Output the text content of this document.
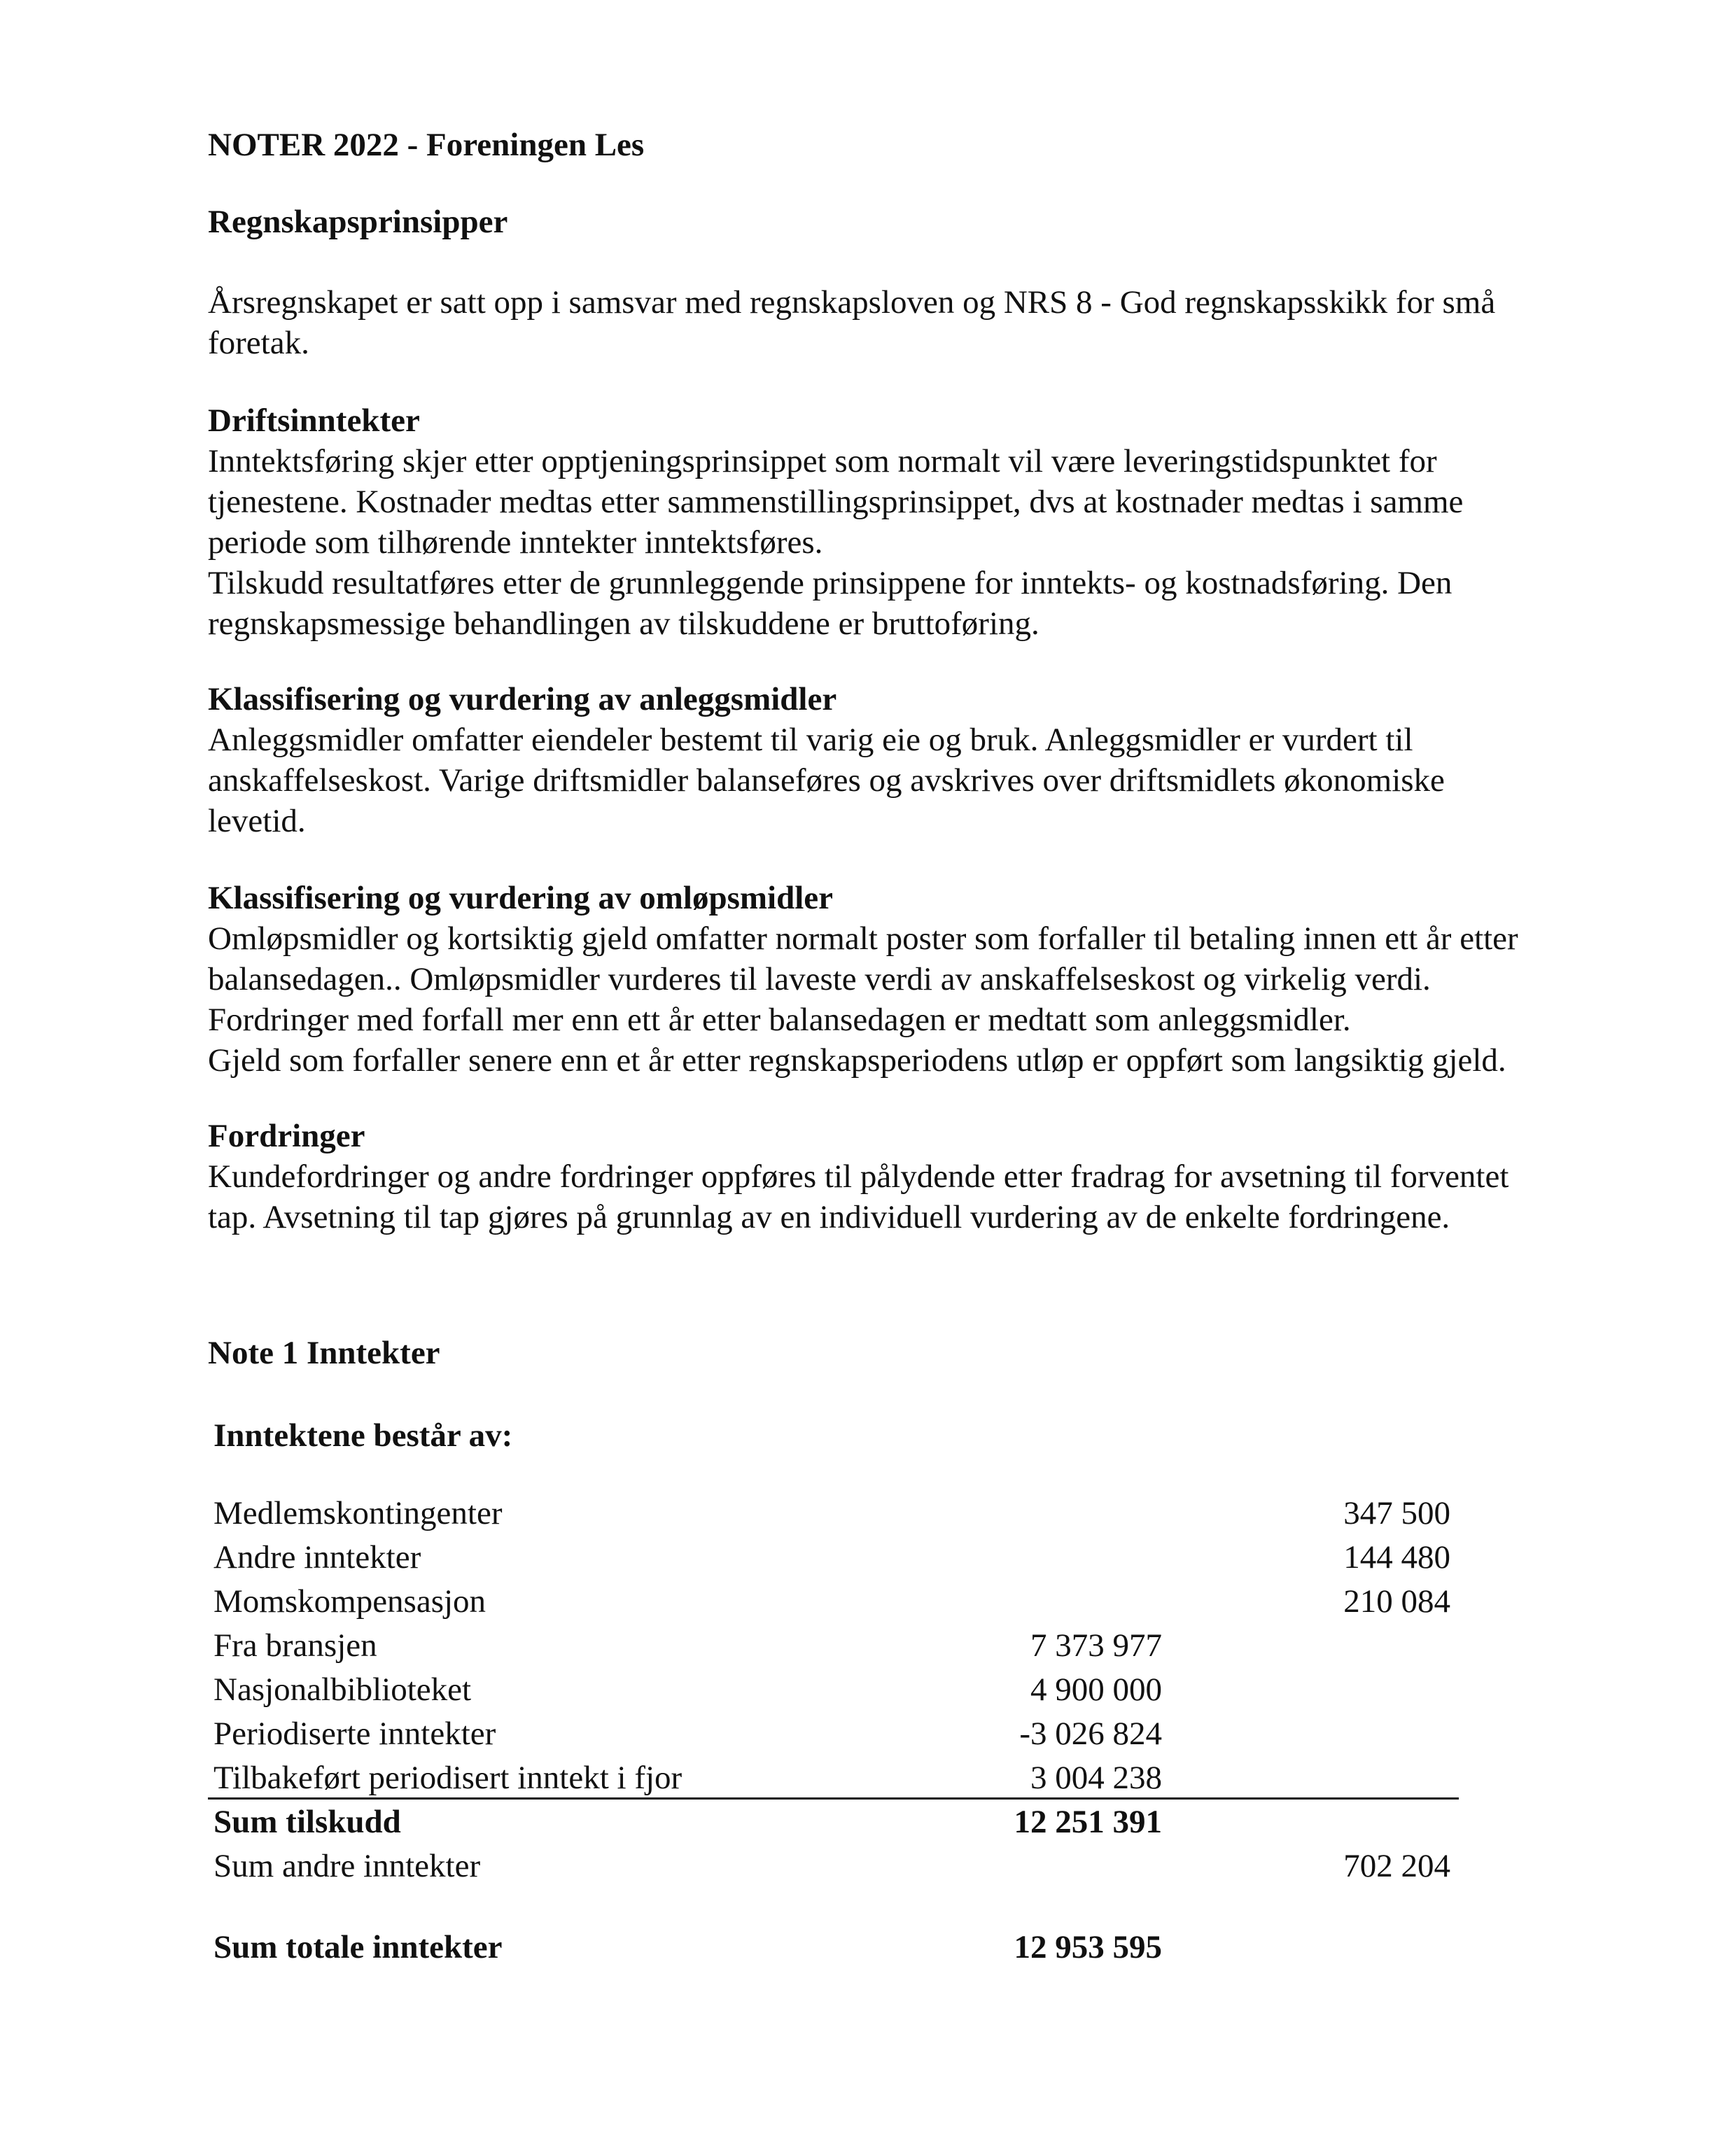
NOTER 2022 - Foreningen Les

Regnskapsprinsipper

Årsregnskapet er satt opp i samsvar med regnskapsloven og NRS 8 - God regnskapsskikk for små

foretak.

Driftsinntekter

Inntektsføring skjer etter opptjeningsprinsippet som normalt vil være leveringstidspunktet for

tjenestene. Kostnader medtas etter sammenstillingsprinsippet, dvs at kostnader medtas i samme

periode som tilhørende inntekter inntektsføres.

Tilskudd resultatføres etter de grunnleggende prinsippene for inntekts- og kostnadsføring. Den

regnskapsmessige behandlingen av tilskuddene er bruttoføring.

Klassifisering og vurdering av anleggsmidler

Anleggsmidler omfatter eiendeler bestemt til varig eie og bruk. Anleggsmidler er vurdert til

anskaffelseskost. Varige driftsmidler balanseføres og avskrives over driftsmidlets økonomiske

levetid.

Klassifisering og vurdering av omløpsmidler

Omløpsmidler og kortsiktig gjeld omfatter normalt poster som forfaller til betaling innen ett år etter

balansedagen.. Omløpsmidler vurderes til laveste verdi av anskaffelseskost og virkelig verdi.

Fordringer med forfall mer enn ett år etter balansedagen er medtatt som anleggsmidler.

Gjeld som forfaller senere enn et år etter regnskapsperiodens utløp er oppført som langsiktig gjeld.

Fordringer

Kundefordringer og andre fordringer oppføres til pålydende etter fradrag for avsetning til forventet

tap. Avsetning til tap gjøres på grunnlag av en individuell vurdering av de enkelte fordringene.

Note 1 Inntekter

Inntektene består av:

Medlemskontingenter	347 500
Andre inntekter	144 480
Momskompensasjon	210 084
Fra bransjen	7 373 977
Nasjonalbiblioteket	4 900 000
Periodiserte inntekter	-3 026 824
Tilbakeført periodisert inntekt i fjor	3 004 238
Sum tilskudd	12 251 391
Sum andre inntekter	702 204
Sum totale inntekter	12 953 595
